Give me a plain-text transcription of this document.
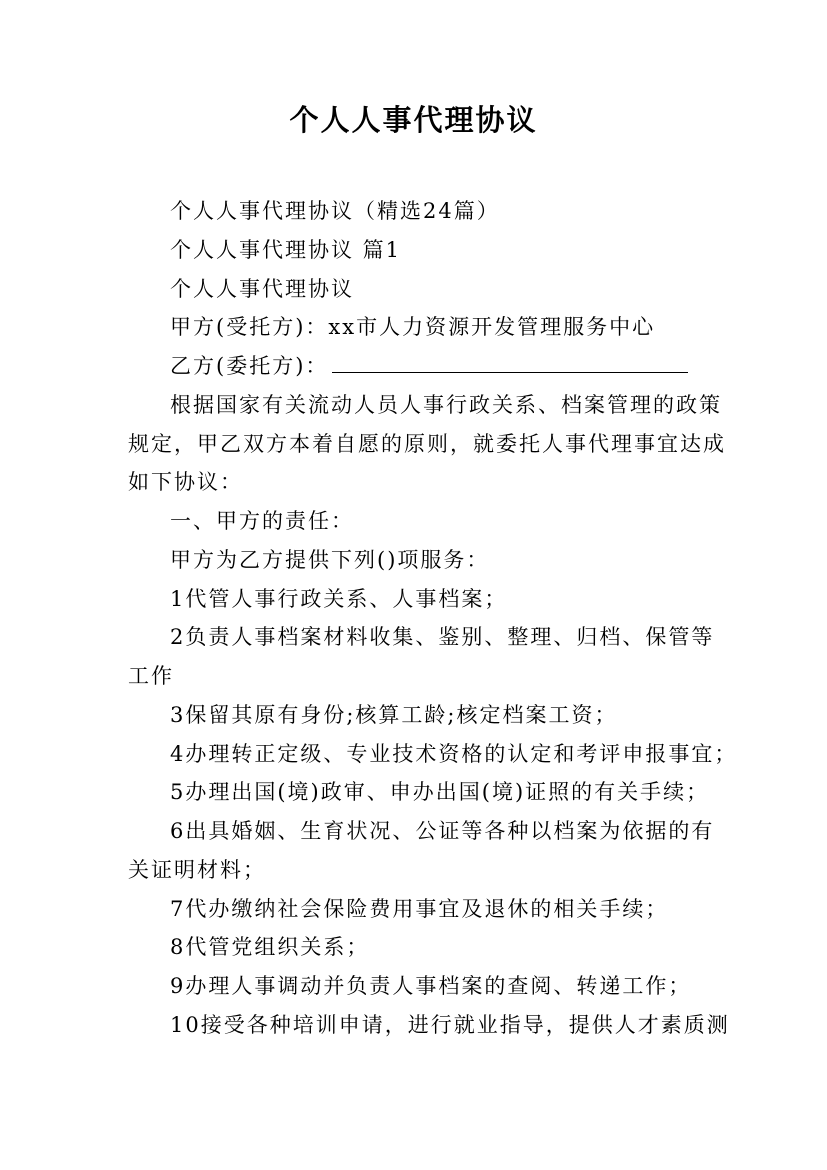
个人人事代理协议
个人人事代理协议（精选24篇）
个人人事代理协议 篇1
个人人事代理协议
甲方(受托方)：xx市人力资源开发管理服务中心
乙方(委托方)：
根据国家有关流动人员人事行政关系、档案管理的政策
规定，甲乙双方本着自愿的原则，就委托人事代理事宜达成
如下协议：
一、甲方的责任：
甲方为乙方提供下列()项服务：
1代管人事行政关系、人事档案；
2负责人事档案材料收集、鉴别、整理、归档、保管等
工作
3保留其原有身份;核算工龄;核定档案工资；
4办理转正定级、专业技术资格的认定和考评申报事宜；
5办理出国(境)政审、申办出国(境)证照的有关手续；
6出具婚姻、生育状况、公证等各种以档案为依据的有
关证明材料；
7代办缴纳社会保险费用事宜及退休的相关手续；
8代管党组织关系；
9办理人事调动并负责人事档案的查阅、转递工作；
10接受各种培训申请，进行就业指导，提供人才素质测
